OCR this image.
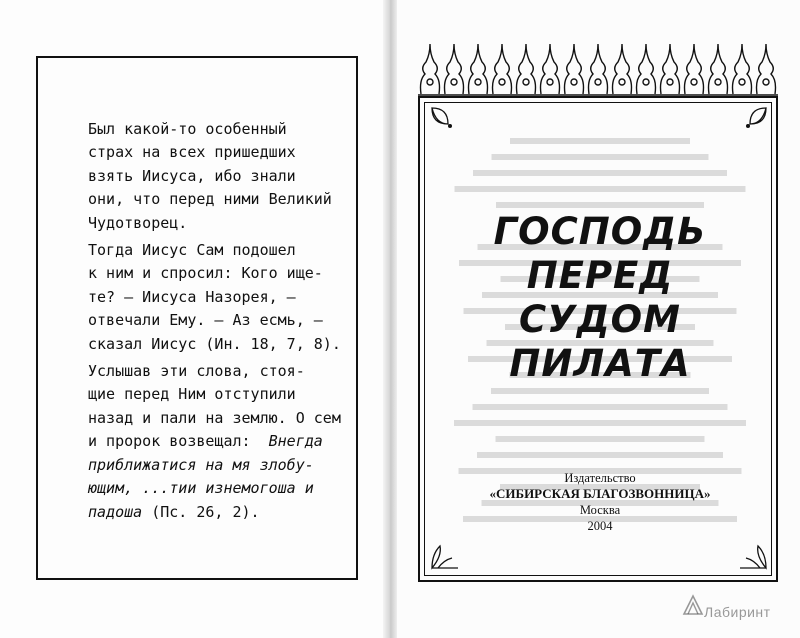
Был какой-то особенный
страх на всех пришедших
взять Иисуса, ибо знали
они, что перед ними Великий
Чудотворец.

Тогда Иисус Сам подошел
к ним и спросил: Кого ище-
те? — Иисуса Назорея, —
отвечали Ему. — Аз есмь, —
сказал Иисус (Ин. 18, 7, 8).

Услышав эти слова, стоя-
щие перед Ним отступили
назад и пали на землю. О сем
и пророк возвещал: Внегда
приближатися на мя злобу-
ющим, ...тии изнемогоша и
падоша (Пс. 26, 2).

ГОСПОДЬ
ПЕРЕД СУДОМ
ПИЛАТА
Издательство
«СИБИРСКАЯ БЛАГОЗВОННИЦА»
Москва
2004
Лабиринт
